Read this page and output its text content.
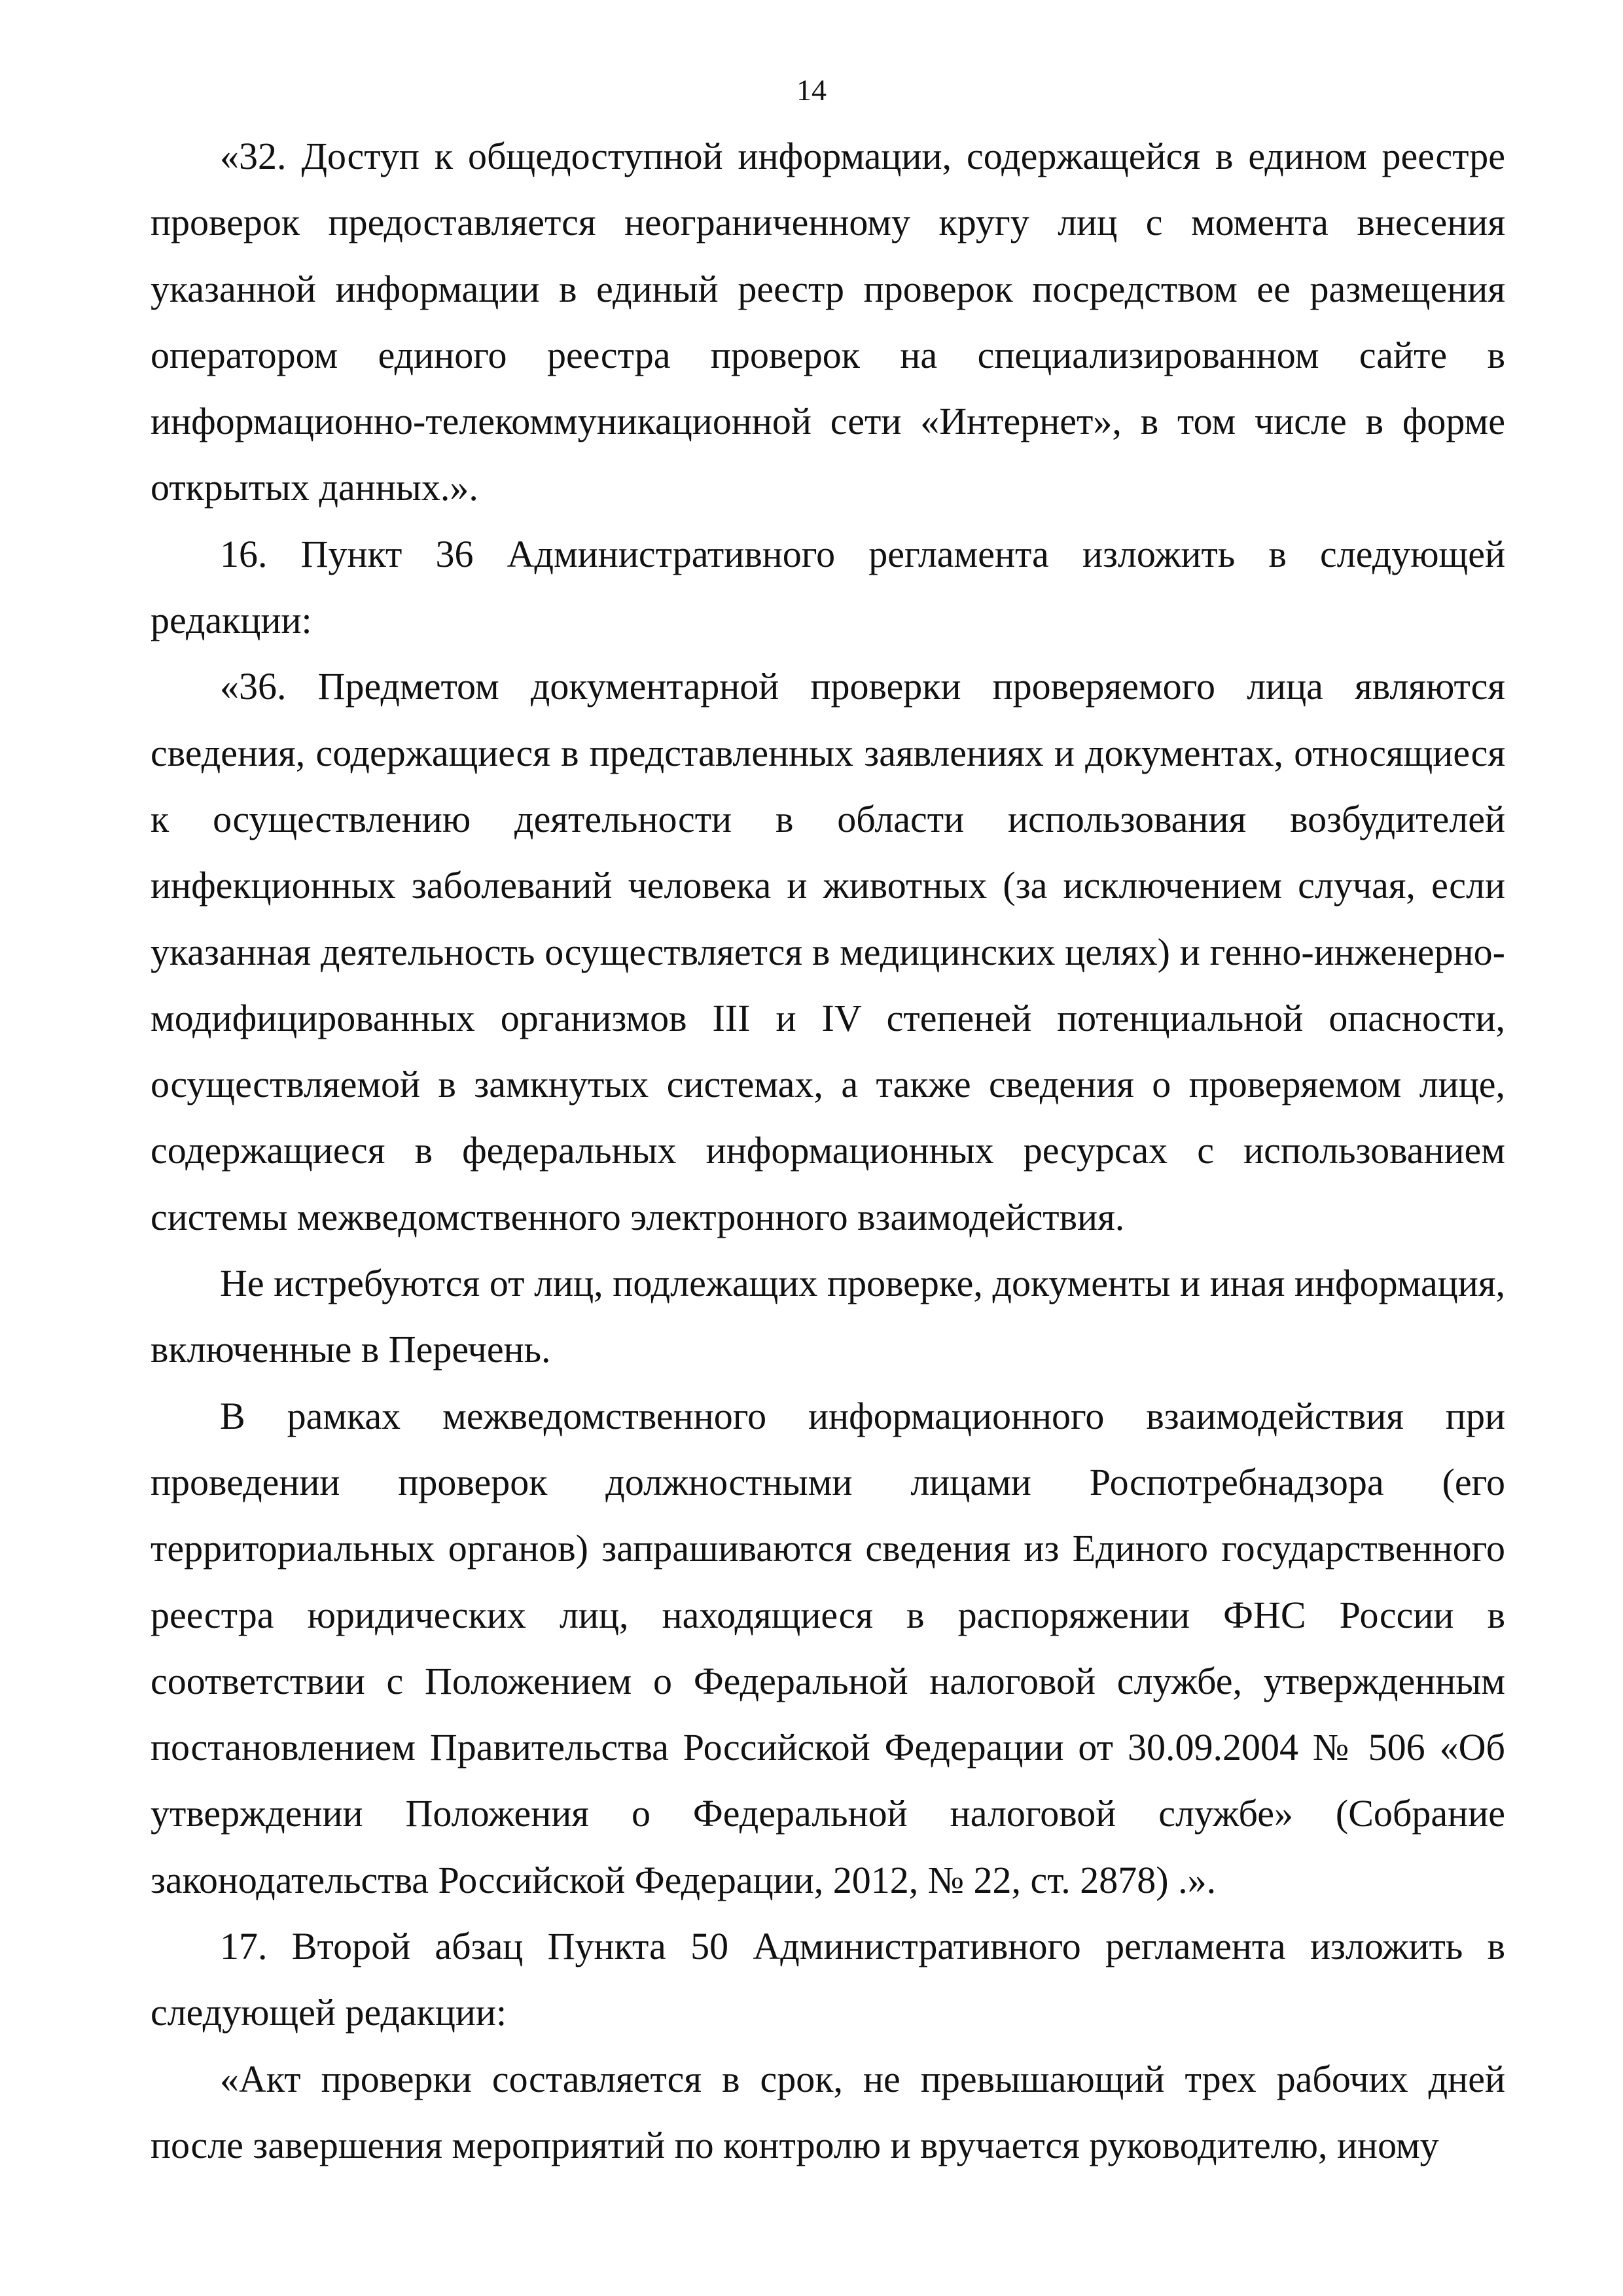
14

«32. Доступ к общедоступной информации, содержащейся в едином реестре проверок предоставляется неограниченному кругу лиц с момента внесения указанной информации в единый реестр проверок посредством ее размещения оператором единого реестра проверок на специализированном сайте в информационно-телекоммуникационной сети «Интернет», в том числе в форме открытых данных.».

16. Пункт 36 Административного регламента изложить в следующей редакции:

«36. Предметом документарной проверки проверяемого лица являются сведения, содержащиеся в представленных заявлениях и документах, относящиеся к осуществлению деятельности в области использования возбудителей инфекционных заболеваний человека и животных (за исключением случая, если указанная деятельность осуществляется в медицинских целях) и генно-инженерно-модифицированных организмов III и IV степеней потенциальной опасности, осуществляемой в замкнутых системах, а также сведения о проверяемом лице, содержащиеся в федеральных информационных ресурсах с использованием системы межведомственного электронного взаимодействия.

Не истребуются от лиц, подлежащих проверке, документы и иная информация, включенные в Перечень.

В рамках межведомственного информационного взаимодействия при проведении проверок должностными лицами Роспотребнадзора (его территориальных органов) запрашиваются сведения из Единого государственного реестра юридических лиц, находящиеся в распоряжении ФНС России в соответствии с Положением о Федеральной налоговой службе, утвержденным постановлением Правительства Российской Федерации от 30.09.2004 № 506 «Об утверждении Положения о Федеральной налоговой службе» (Собрание законодательства Российской Федерации, 2012, № 22, ст. 2878) .».

17. Второй абзац Пункта 50 Административного регламента изложить в следующей редакции:

«Акт проверки составляется в срок, не превышающий трех рабочих дней после завершения мероприятий по контролю и вручается руководителю, иному
